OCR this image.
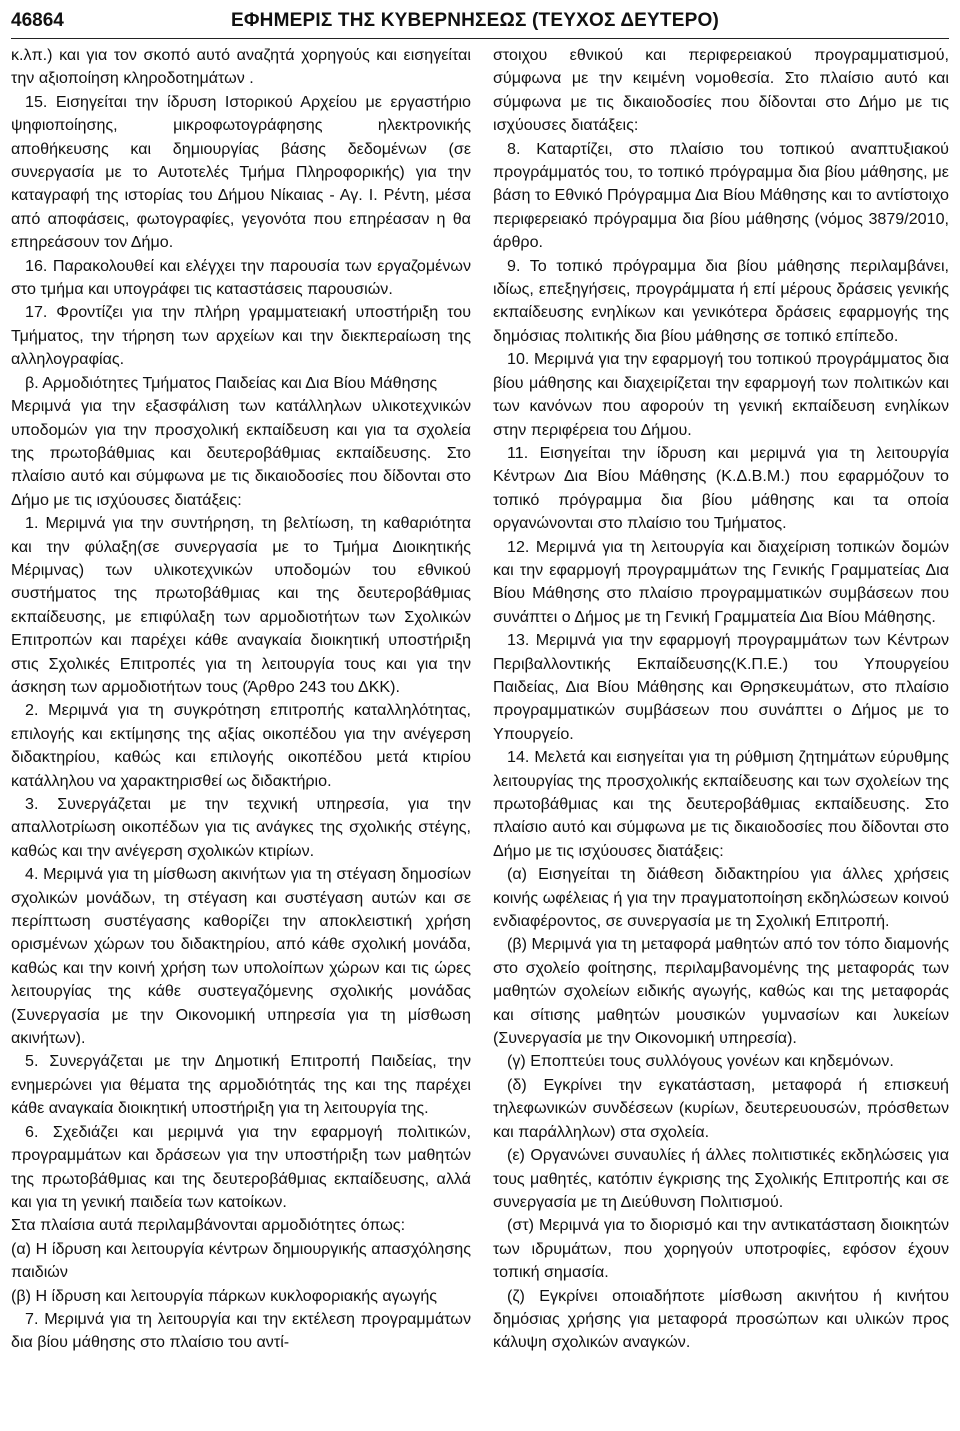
46864	ΕΦΗΜΕΡΙΣ ΤΗΣ ΚΥΒΕΡΝΗΣΕΩΣ (ΤΕΥΧΟΣ ΔΕΥΤΕΡΟ)

κ.λπ.) και για τον σκοπό αυτό αναζητά χορηγούς και εισηγείται την αξιοποίηση κληροδοτημάτων .

15. Εισηγείται την ίδρυση Ιστορικού Αρχείου με εργαστήριο ψηφιοποίησης, μικροφωτογράφησης ηλεκτρονικής αποθήκευσης και δημιουργίας βάσης δεδομένων (σε συνεργασία με το Αυτοτελές Τμήμα Πληροφορικής) για την καταγραφή της ιστορίας του Δήμου Νίκαιας - Αγ. Ι. Ρέντη, μέσα από αποφάσεις, φωτογραφίες, γεγονότα που επηρέασαν η θα επηρεάσουν τον Δήμο.

16. Παρακολουθεί και ελέγχει την παρουσία των εργαζομένων στο τμήμα και υπογράφει τις καταστάσεις παρουσιών.

17. Φροντίζει για την πλήρη γραμματειακή υποστήριξη του Τμήματος, την τήρηση των αρχείων και την διεκπεραίωση της αλληλογραφίας.

β. Αρμοδιότητες Τμήματος Παιδείας και Δια Βίου Μάθησης

Μεριμνά για την εξασφάλιση των κατάλληλων υλικοτεχνικών υποδομών για την προσχολική εκπαίδευση και για τα σχολεία της πρωτοβάθμιας και δευτεροβάθμιας εκπαίδευσης. Στο πλαίσιο αυτό και σύμφωνα με τις δικαιοδοσίες που δίδονται στο Δήμο με τις ισχύουσες διατάξεις:

1. Μεριμνά για την συντήρηση, τη βελτίωση, τη καθαριότητα και την φύλαξη(σε συνεργασία με το Τμήμα Διοικητικής Μέριμνας) των υλικοτεχνικών υποδομών του εθνικού συστήματος της πρωτοβάθμιας και της δευτεροβάθμιας εκπαίδευσης, με επιφύλαξη των αρμοδιοτήτων των Σχολικών Επιτροπών και παρέχει κάθε αναγκαία διοικητική υποστήριξη στις Σχολικές Επιτροπές για τη λειτουργία τους και για την άσκηση των αρμοδιοτήτων τους (Άρθρο 243 του ΔΚΚ).

2. Μεριμνά για τη συγκρότηση επιτροπής καταλληλότητας, επιλογής και εκτίμησης της αξίας οικοπέδου για την ανέγερση διδακτηρίου, καθώς και επιλογής οικοπέδου μετά κτιρίου κατάλληλου να χαρακτηρισθεί ως διδακτήριο.

3. Συνεργάζεται με την τεχνική υπηρεσία, για την απαλλοτρίωση οικοπέδων για τις ανάγκες της σχολικής στέγης, καθώς και την ανέγερση σχολικών κτιρίων.

4. Μεριμνά για τη μίσθωση ακινήτων για τη στέγαση δημοσίων σχολικών μονάδων, τη στέγαση και συστέγαση αυτών και σε περίπτωση συστέγασης καθορίζει την αποκλειστική χρήση ορισμένων χώρων του διδακτηρίου, από κάθε σχολική μονάδα, καθώς και την κοινή χρήση των υπολοίπων χώρων και τις ώρες λειτουργίας της κάθε συστεγαζόμενης σχολικής μονάδας (Συνεργασία με την Οικονομική υπηρεσία για τη μίσθωση ακινήτων).

5. Συνεργάζεται με την Δημοτική Επιτροπή Παιδείας, την ενημερώνει για θέματα της αρμοδιότητάς της και της παρέχει κάθε αναγκαία διοικητική υποστήριξη για τη λειτουργία της.

6. Σχεδιάζει και μεριμνά για την εφαρμογή πολιτικών, προγραμμάτων και δράσεων για την υποστήριξη των μαθητών της πρωτοβάθμιας και της δευτεροβάθμιας εκπαίδευσης, αλλά και για τη γενική παιδεία των κατοίκων.

Στα πλαίσια αυτά περιλαμβάνονται αρμοδιότητες όπως:

(α) Η ίδρυση και λειτουργία κέντρων δημιουργικής απασχόλησης παιδιών

(β) Η ίδρυση και λειτουργία πάρκων κυκλοφοριακής αγωγής

7. Μεριμνά για τη λειτουργία και την εκτέλεση προγραμμάτων δια βίου μάθησης στο πλαίσιο του αντί-

στοιχου εθνικού και περιφερειακού προγραμματισμού, σύμφωνα με την κειμένη νομοθεσία. Στο πλαίσιο αυτό και σύμφωνα με τις δικαιοδοσίες που δίδονται στο Δήμο με τις ισχύουσες διατάξεις:

8. Καταρτίζει, στο πλαίσιο του τοπικού αναπτυξιακού προγράμματός του, το τοπικό πρόγραμμα δια βίου μάθησης, με βάση το Εθνικό Πρόγραμμα Δια Βίου Μάθησης και το αντίστοιχο περιφερειακό πρόγραμμα δια βίου μάθησης (νόμος 3879/2010, άρθρο.

9. Το τοπικό πρόγραμμα δια βίου μάθησης περιλαμβάνει, ιδίως, επεξηγήσεις, προγράμματα ή επί μέρους δράσεις γενικής εκπαίδευσης ενηλίκων και γενικότερα δράσεις εφαρμογής της δημόσιας πολιτικής δια βίου μάθησης σε τοπικό επίπεδο.

10. Μεριμνά για την εφαρμογή του τοπικού προγράμματος δια βίου μάθησης και διαχειρίζεται την εφαρμογή των πολιτικών και των κανόνων που αφορούν τη γενική εκπαίδευση ενηλίκων στην περιφέρεια του Δήμου.

11. Εισηγείται την ίδρυση και μεριμνά για τη λειτουργία Κέντρων Δια Βίου Μάθησης (Κ.Δ.Β.Μ.) που εφαρμόζουν το τοπικό πρόγραμμα δια βίου μάθησης και τα οποία οργανώνονται στο πλαίσιο του Τμήματος.

12. Μεριμνά για τη λειτουργία και διαχείριση τοπικών δομών και την εφαρμογή προγραμμάτων της Γενικής Γραμματείας Δια Βίου Μάθησης στο πλαίσιο προγραμματικών συμβάσεων που συνάπτει ο Δήμος με τη Γενική Γραμματεία Δια Βίου Μάθησης.

13. Μεριμνά για την εφαρμογή προγραμμάτων των Κέντρων Περιβαλλοντικής Εκπαίδευσης(Κ.Π.Ε.) του Υπουργείου Παιδείας, Δια Βίου Μάθησης και Θρησκευμάτων, στο πλαίσιο προγραμματικών συμβάσεων που συνάπτει ο Δήμος με το Υπουργείο.

14. Μελετά και εισηγείται για τη ρύθμιση ζητημάτων εύρυθμης λειτουργίας της προσχολικής εκπαίδευσης και των σχολείων της πρωτοβάθμιας και της δευτεροβάθμιας εκπαίδευσης. Στο πλαίσιο αυτό και σύμφωνα με τις δικαιοδοσίες που δίδονται στο Δήμο με τις ισχύουσες διατάξεις:

(α) Εισηγείται τη διάθεση διδακτηρίου για άλλες χρήσεις κοινής ωφέλειας ή για την πραγματοποίηση εκδηλώσεων κοινού ενδιαφέροντος, σε συνεργασία με τη Σχολική Επιτροπή.

(β) Μεριμνά για τη μεταφορά μαθητών από τον τόπο διαμονής στο σχολείο φοίτησης, περιλαμβανομένης της μεταφοράς των μαθητών σχολείων ειδικής αγωγής, καθώς και της μεταφοράς και σίτισης μαθητών μουσικών γυμνασίων και λυκείων (Συνεργασία με την Οικονομική υπηρεσία).

(γ) Εποπτεύει τους συλλόγους γονέων και κηδεμόνων.

(δ) Εγκρίνει την εγκατάσταση, μεταφορά ή επισκευή τηλεφωνικών συνδέσεων (κυρίων, δευτερευουσών, πρόσθετων και παράλληλων) στα σχολεία.

(ε) Οργανώνει συναυλίες ή άλλες πολιτιστικές εκδηλώσεις για τους μαθητές, κατόπιν έγκρισης της Σχολικής Επιτροπής και σε συνεργασία με τη Διεύθυνση Πολιτισμού.

(στ) Μεριμνά για το διορισμό και την αντικατάσταση διοικητών των ιδρυμάτων, που χορηγούν υποτροφίες, εφόσον έχουν τοπική σημασία.

(ζ) Εγκρίνει οποιαδήποτε μίσθωση ακινήτου ή κινήτου δημόσιας χρήσης για μεταφορά προσώπων και υλικών προς κάλυψη σχολικών αναγκών.
